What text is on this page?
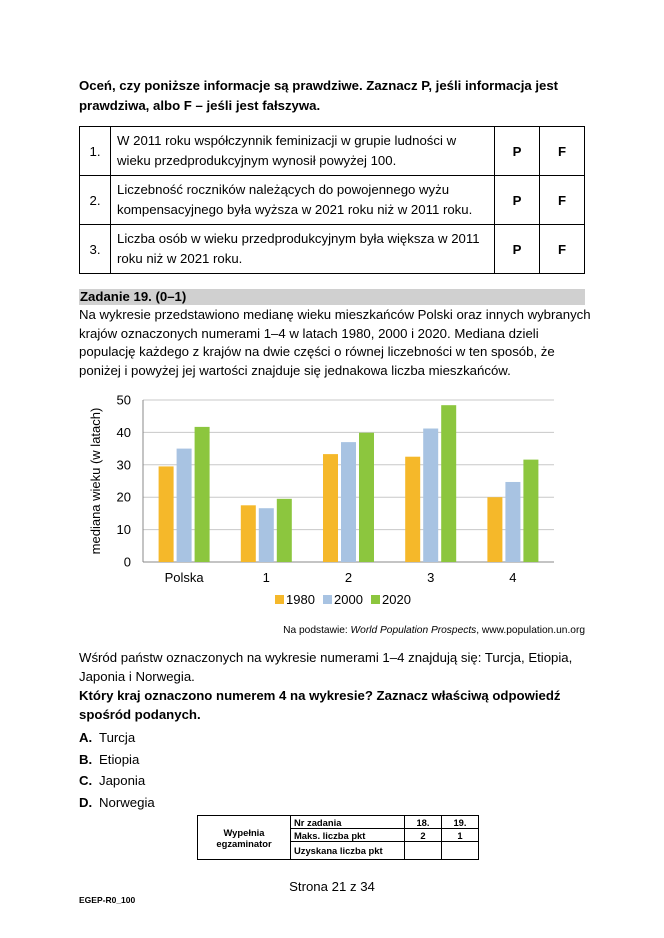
Oceń, czy poniższe informacje są prawdziwe. Zaznacz P, jeśli informacja jest prawdziwa, albo F – jeśli jest fałszywa.
1.	W 2011 roku współczynnik feminizacji w grupie ludności w wieku przedprodukcyjnym wynosił powyżej 100.	P	F
2.	Liczebność roczników należących do powojennego wyżu kompensacyjnego była wyższa w 2021 roku niż w 2011 roku.	P	F
3.	Liczba osób w wieku przedprodukcyjnym była większa w 2011 roku niż w 2021 roku.	P	F
Zadanie 19. (0–1)
Na wykresie przedstawiono medianę wieku mieszkańców Polski oraz innych wybranych krajów oznaczonych numerami 1–4 w latach 1980, 2000 i 2020. Mediana dzieli populację każdego z krajów na dwie części o równej liczebności w ten sposób, że poniżej i powyżej jej wartości znajduje się jednakowa liczba mieszkańców.
0
10
20
30
40
50
Polska	1	2	3	4
mediana wieku (w latach)
1980 2000 2020
Na podstawie: World Population Prospects, www.population.un.org
Wśród państw oznaczonych na wykresie numerami 1–4 znajdują się: Turcja, Etiopia, Japonia i Norwegia.
Który kraj oznaczono numerem 4 na wykresie? Zaznacz właściwą odpowiedź spośród podanych.
A. Turcja
B. Etiopia
C. Japonia
D. Norwegia
Wypełnia egzaminator	Nr zadania	18.	19.
	Maks. liczba pkt	2	1
	Uzyskana liczba pkt		
Strona 21 z 34
EGEP-R0_100
